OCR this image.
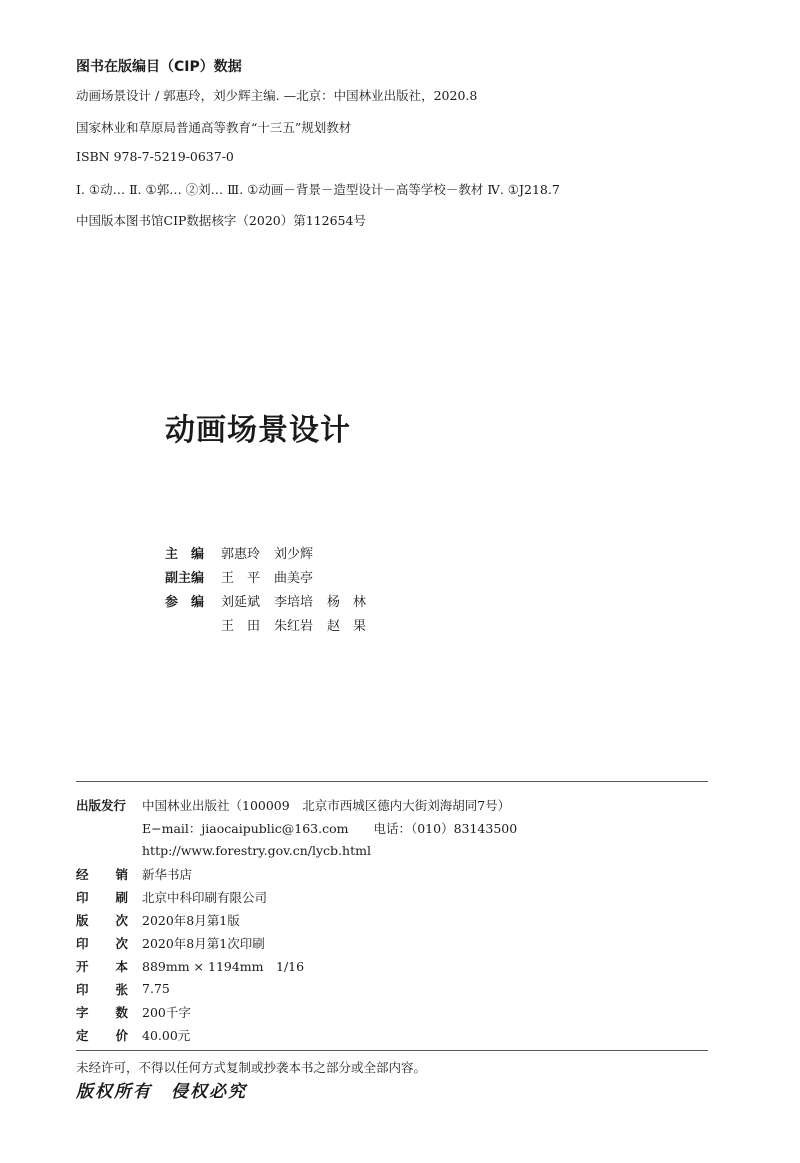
图书在版编目（CIP）数据
动画场景设计 / 郭惠玲，刘少辉主编. —北京：中国林业出版社，2020.8
国家林业和草原局普通高等教育“十三五”规划教材
ISBN 978-7-5219-0637-0
Ⅰ. ①动… Ⅱ. ①郭… ②刘… Ⅲ. ①动画－背景－造型设计－高等学校－教材 Ⅳ. ①J218.7
中国版本图书馆CIP数据核字（2020）第112654号
动画场景设计
主　编	郭惠玲 刘少辉
副主编	王　平 曲美亭
参　编	刘延斌 李培培 杨　林
王　田 朱红岩 赵　果
出版发行	中国林业出版社（100009　北京市西城区德内大街刘海胡同7号）
E−mail：jiaocaipublic@163.com　　电话：（010）83143500
http://www.forestry.gov.cn/lycb.html
经 销 新华书店
印 刷 北京中科印刷有限公司
版 次 2020年8月第1版
印 次 2020年8月第1次印刷
开 本 889mm × 1194mm　1/16
印 张 7.75
字 数 200千字
定 价 40.00元
未经许可，不得以任何方式复制或抄袭本书之部分或全部内容。
版权所有　侵权必究
